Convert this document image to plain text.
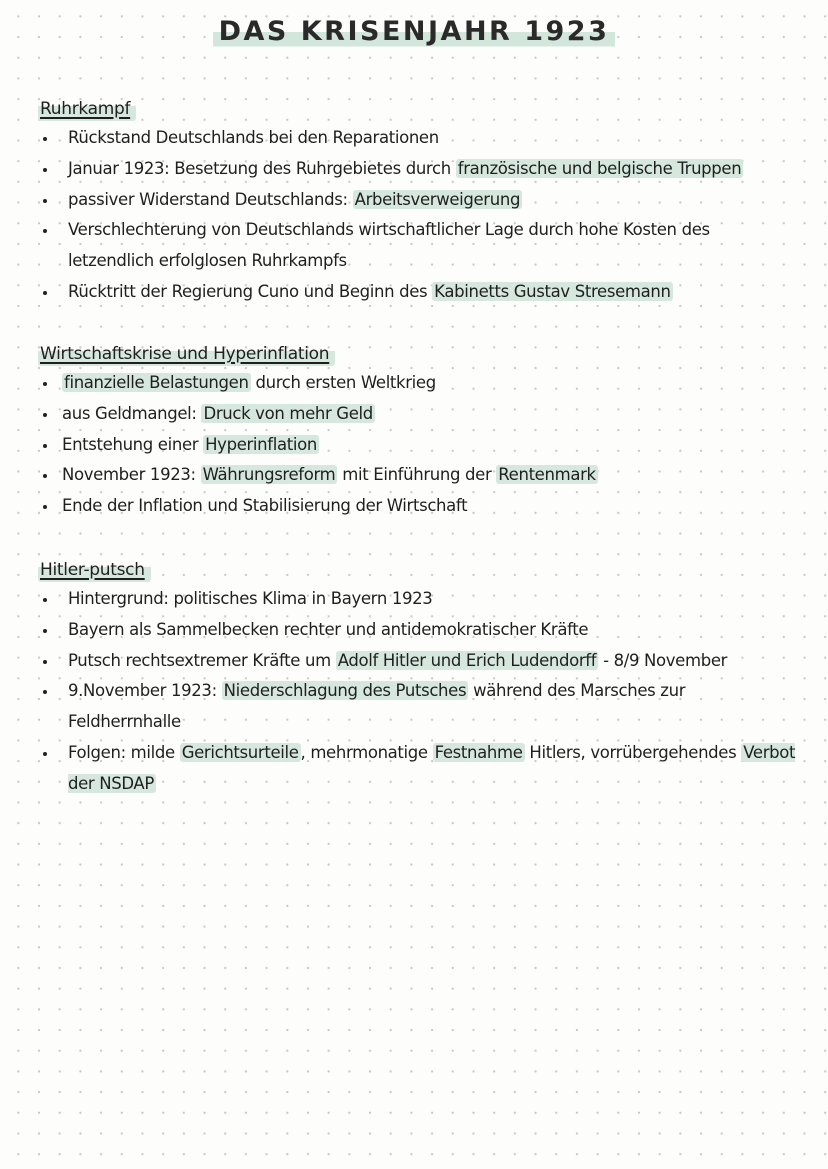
DAS KRISENJAHR 1923
Ruhrkampf
Rückstand Deutschlands bei den Reparationen
Januar 1923: Besetzung des Ruhrgebietes durch französische und belgische Truppen
passiver Widerstand Deutschlands: Arbeitsverweigerung
Verschlechterung von Deutschlands wirtschaftlicher Lage durch hohe Kosten des letzendlich erfolglosen Ruhrkampfs
Rücktritt der Regierung Cuno und Beginn des Kabinetts Gustav Stresemann
Wirtschaftskrise und Hyperinflation
finanzielle Belastungen durch ersten Weltkrieg
aus Geldmangel: Druck von mehr Geld
Entstehung einer Hyperinflation
November 1923: Währungsreform mit Einführung der Rentenmark
Ende der Inflation und Stabilisierung der Wirtschaft
Hitler-putsch
Hintergrund: politisches Klima in Bayern 1923
Bayern als Sammelbecken rechter und antidemokratischer Kräfte
Putsch rechtsextremer Kräfte um Adolf Hitler und Erich Ludendorff - 8/9 November
9.November 1923: Niederschlagung des Putsches während des Marsches zur Feldherrnhalle
Folgen: milde Gerichtsurteile , mehrmonatige Festnahme Hitlers, vorrübergehendes Verbot der NSDAP
